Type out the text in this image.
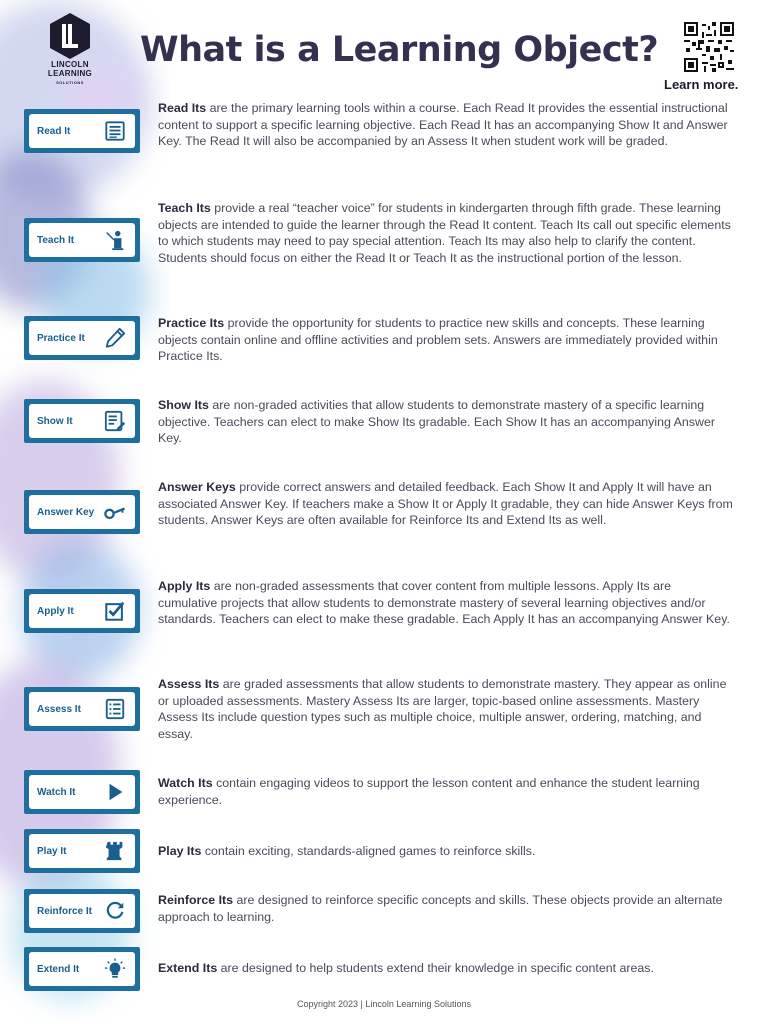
LINCOLN
LEARNING
SOLUTIONS
What is a Learning Object?
Learn more.
Read It

Read Its are the primary learning tools within a course. Each Read It provides the essential instructional content to support a specific learning objective. Each Read It has an accompanying Show It and Answer Key. The Read It will also be accompanied by an Assess It when student work will be graded.

Teach It

Teach Its provide a real “teacher voice” for students in kindergarten through fifth grade. These learning objects are intended to guide the learner through the Read It content. Teach Its call out specific elements to which students may need to pay special attention. Teach Its may also help to clarify the content. Students should focus on either the Read It or Teach It as the instructional portion of the lesson.

Practice It

Practice Its provide the opportunity for students to practice new skills and concepts. These learning objects contain online and offline activities and problem sets. Answers are immediately provided within Practice Its.

Show It

Show Its are non-graded activities that allow students to demonstrate mastery of a specific learning objective. Teachers can elect to make Show Its gradable. Each Show It has an accompanying Answer Key.

Answer Key

Answer Keys provide correct answers and detailed feedback. Each Show It and Apply It will have an associated Answer Key. If teachers make a Show It or Apply It gradable, they can hide Answer Keys from students. Answer Keys are often available for Reinforce Its and Extend Its as well.

Apply It

Apply Its are non-graded assessments that cover content from multiple lessons. Apply Its are cumulative projects that allow students to demonstrate mastery of several learning objectives and/or standards. Teachers can elect to make these gradable. Each Apply It has an accompanying Answer Key.

Assess It

Assess Its are graded assessments that allow students to demonstrate mastery. They appear as online or uploaded assessments. Mastery Assess Its are larger, topic-based online assessments. Mastery Assess Its include question types such as multiple choice, multiple answer, ordering, matching, and essay.

Watch It

Watch Its contain engaging videos to support the lesson content and enhance the student learning experience.

Play It	Play Its contain exciting, standards-aligned games to reinforce skills.

Reinforce It

Reinforce Its are designed to reinforce specific concepts and skills. These objects provide an alternate approach to learning.

Extend It	Extend Its are designed to help students extend their knowledge in specific content areas.

Copyright 2023 | Lincoln Learning Solutions
